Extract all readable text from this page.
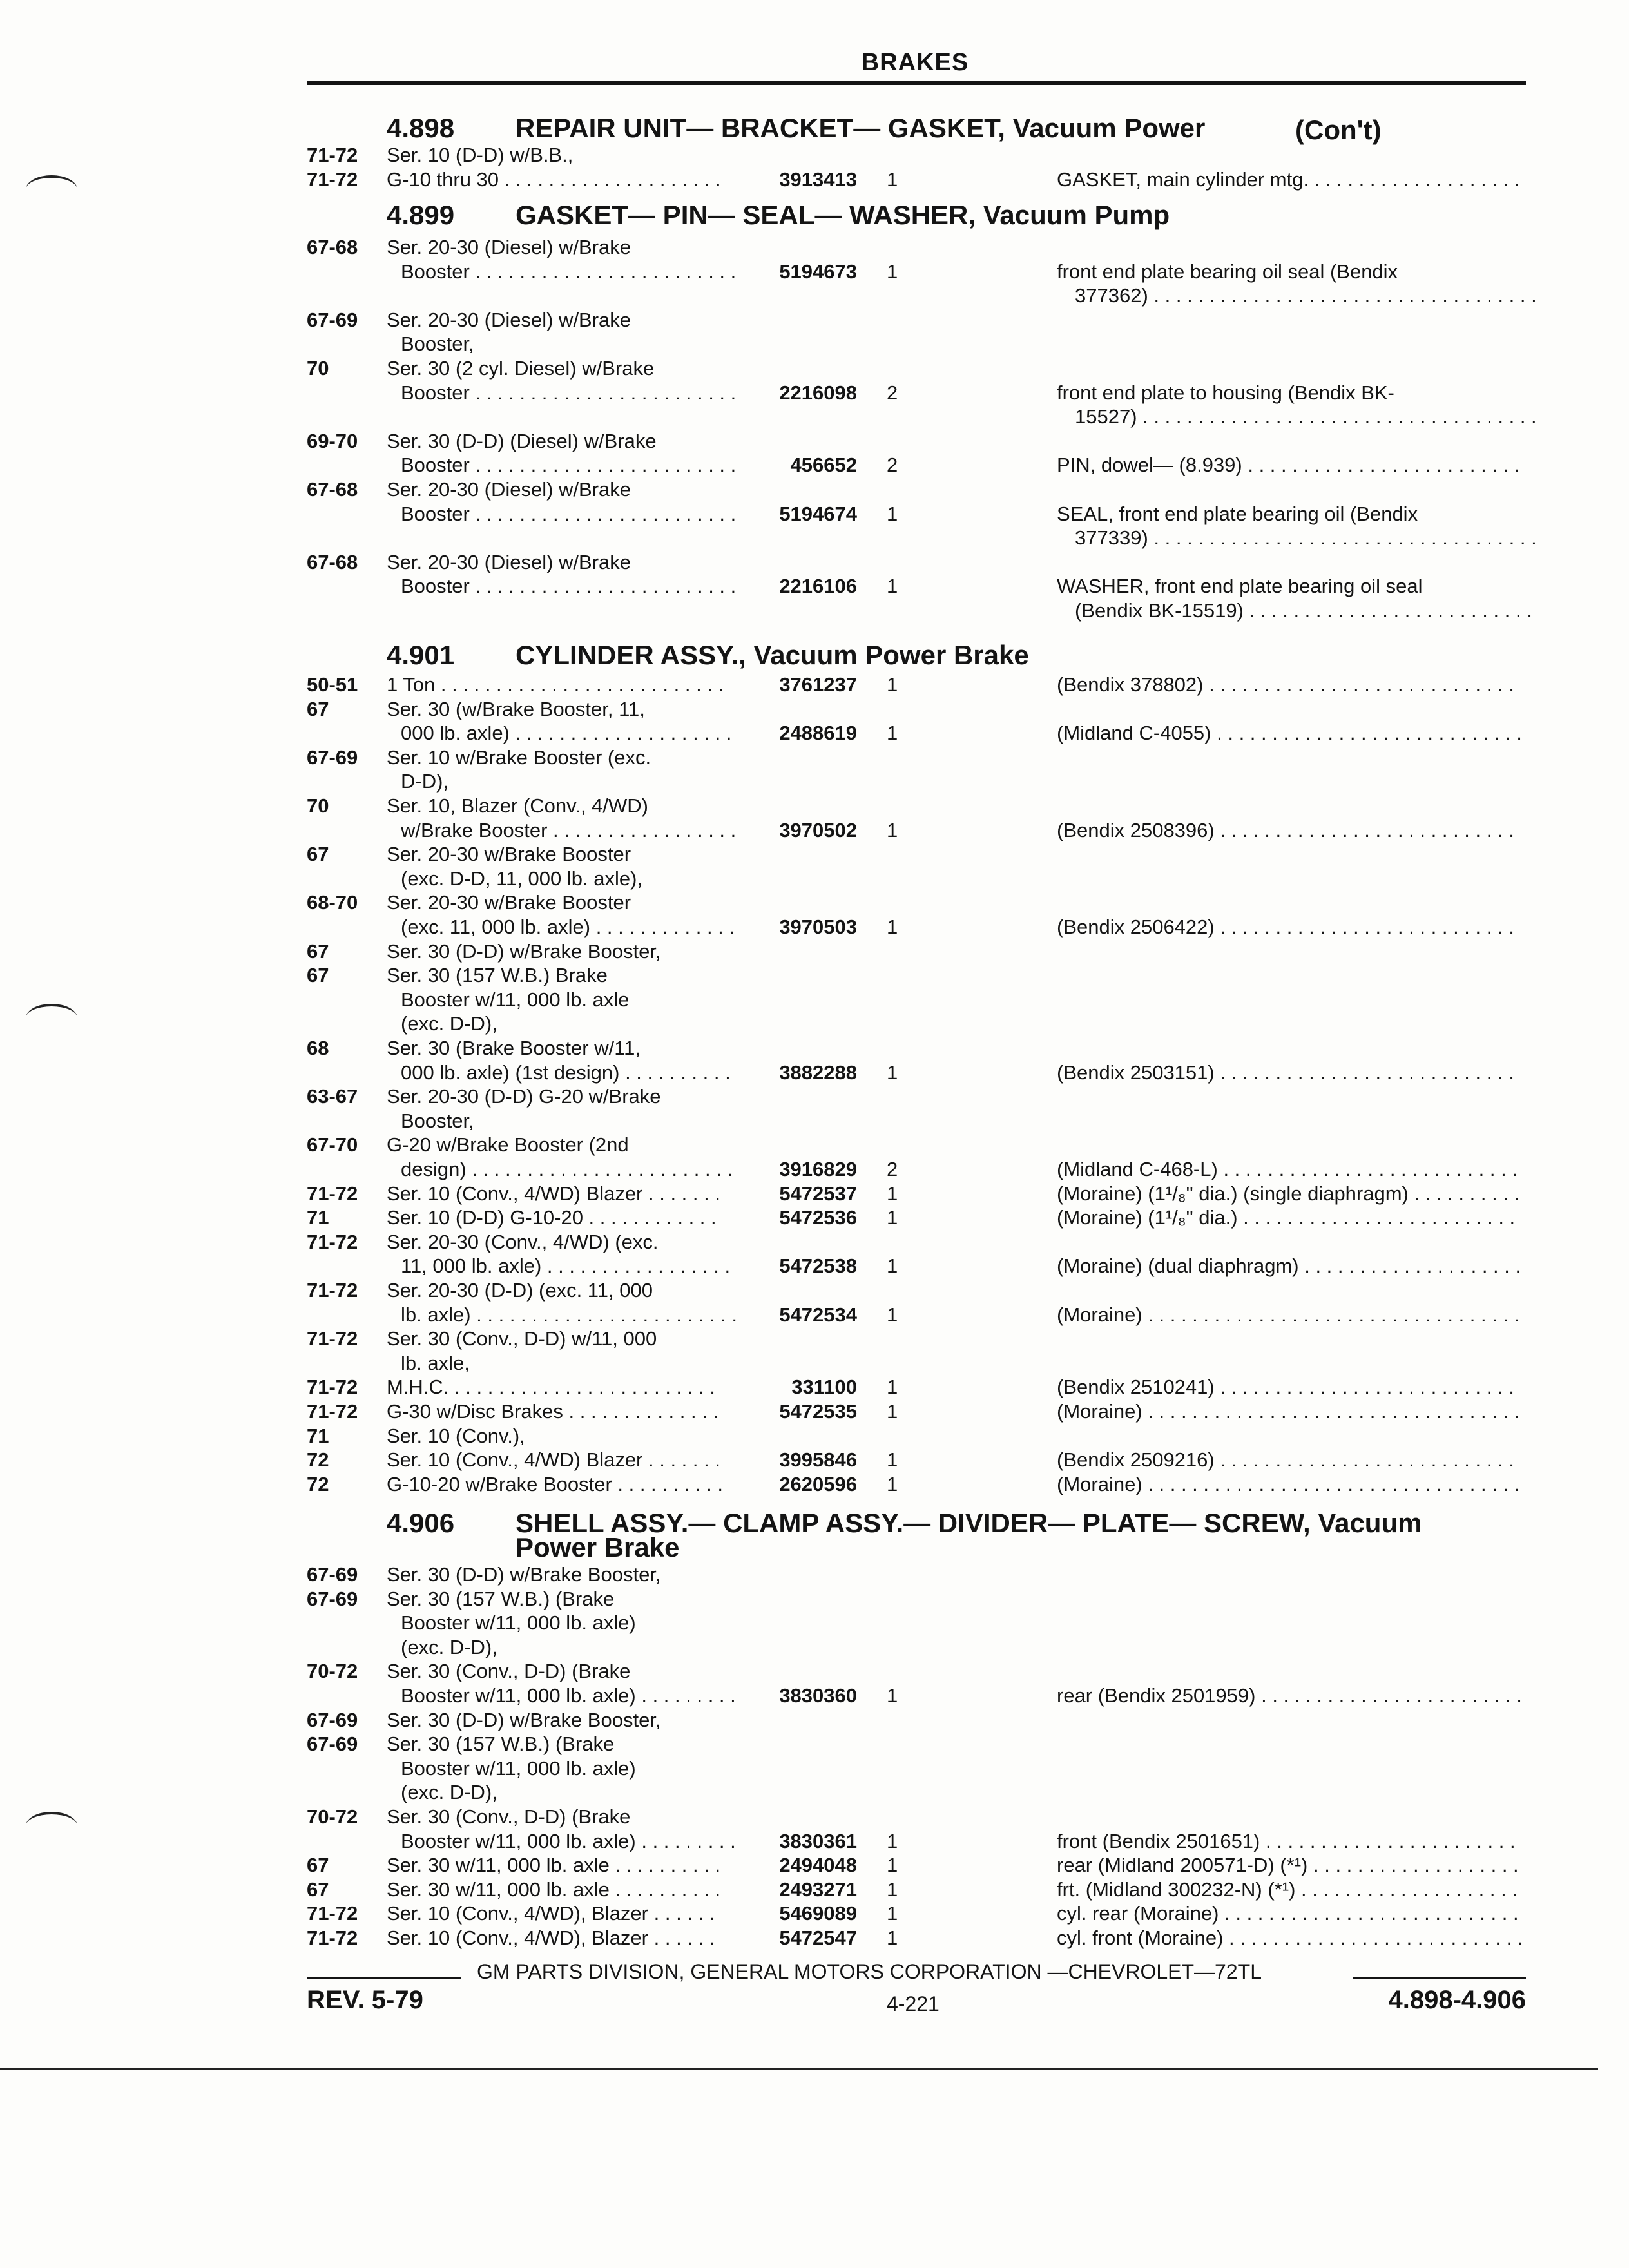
BRAKES
4.898 REPAIR UNIT— BRACKET— GASKET, Vacuum Power	(Con't)
71-72	Ser. 10 (D-D) w/B.B.,
71-72	G-10 thru 30 . . .	3913413 1	GASKET, main cylinder mtg. . . .
4.899 GASKET— PIN— SEAL— WASHER, Vacuum Pump
67-68	Ser. 20-30 (Diesel) w/Brake
Booster . . .	5194673 1	front end plate bearing oil seal (Bendix
377362) . . .
67-69	Ser. 20-30 (Diesel) w/Brake
Booster,
70	Ser. 30 (2 cyl. Diesel) w/Brake
Booster . . .	2216098 2	front end plate to housing (Bendix BK-
15527) . . .
69-70	Ser. 30 (D-D) (Diesel) w/Brake
Booster . . .	456652 2	PIN, dowel— (8.939) . . .
67-68	Ser. 20-30 (Diesel) w/Brake
Booster . . .	5194674 1	SEAL, front end plate bearing oil (Bendix
377339) . . .
67-68	Ser. 20-30 (Diesel) w/Brake
Booster . . .	2216106 1	WASHER, front end plate bearing oil seal
(Bendix BK-15519) . . .
4.901 CYLINDER ASSY., Vacuum Power Brake
50-51	1 Ton . . .	3761237 1	(Bendix 378802) . . .
67	Ser. 30 (w/Brake Booster, 11,
000 lb. axle) . . .	2488619 1	(Midland C-4055) . . .
67-69	Ser. 10 w/Brake Booster (exc.
D-D),
70	Ser. 10, Blazer (Conv., 4/WD)
w/Brake Booster . . .	3970502 1	(Bendix 2508396) . . .
67	Ser. 20-30 w/Brake Booster
(exc. D-D, 11, 000 lb. axle),
68-70	Ser. 20-30 w/Brake Booster
(exc. 11, 000 lb. axle) . . .	3970503 1	(Bendix 2506422) . . .
67	Ser. 30 (D-D) w/Brake Booster,
67	Ser. 30 (157 W.B.) Brake
Booster w/11, 000 lb. axle
(exc. D-D),
68	Ser. 30 (Brake Booster w/11,
000 lb. axle) (1st design) . . .	3882288 1	(Bendix 2503151) . . .
63-67	Ser. 20-30 (D-D) G-20 w/Brake
Booster,
67-70	G-20 w/Brake Booster (2nd
design) . . .	3916829 2	(Midland C-468-L) . . .
71-72	Ser. 10 (Conv., 4/WD) Blazer . . .	5472537 1	(Moraine) (1¹/₈" dia.) (single diaphragm) . . .
71	Ser. 10 (D-D) G-10-20 . . .	5472536 1	(Moraine) (1¹/₈" dia.) . . .
71-72	Ser. 20-30 (Conv., 4/WD) (exc.
11, 000 lb. axle) . . .	5472538 1	(Moraine) (dual diaphragm) . . .
71-72	Ser. 20-30 (D-D) (exc. 11, 000
lb. axle) . . .	5472534 1	(Moraine) . . .
71-72	Ser. 30 (Conv., D-D) w/11, 000
lb. axle,
71-72	M.H.C. . . .	331100 1	(Bendix 2510241) . . .
71-72	G-30 w/Disc Brakes . . .	5472535 1	(Moraine) . . .
71	Ser. 10 (Conv.),
72	Ser. 10 (Conv., 4/WD) Blazer . . .	3995846 1	(Bendix 2509216) . . .
72	G-10-20 w/Brake Booster . . .	2620596 1	(Moraine) . . .
4.906 SHELL ASSY.— CLAMP ASSY.— DIVIDER— PLATE— SCREW, Vacuum
Power Brake
67-69	Ser. 30 (D-D) w/Brake Booster,
67-69	Ser. 30 (157 W.B.) (Brake
Booster w/11, 000 lb. axle)
(exc. D-D),
70-72	Ser. 30 (Conv., D-D) (Brake
Booster w/11, 000 lb. axle) . . .	3830360 1	rear (Bendix 2501959) . . .
67-69	Ser. 30 (D-D) w/Brake Booster,
67-69	Ser. 30 (157 W.B.) (Brake
Booster w/11, 000 lb. axle)
(exc. D-D),
70-72	Ser. 30 (Conv., D-D) (Brake
Booster w/11, 000 lb. axle) . . .	3830361 1	front (Bendix 2501651) . . .
67	Ser. 30 w/11, 000 lb. axle . . .	2494048 1	rear (Midland 200571-D) (*¹) . . .
67	Ser. 30 w/11, 000 lb. axle . . .	2493271 1	frt. (Midland 300232-N) (*¹) . . .
71-72	Ser. 10 (Conv., 4/WD), Blazer . . .	5469089 1	cyl. rear (Moraine) . . .
71-72	Ser. 10 (Conv., 4/WD), Blazer . . .	5472547 1	cyl. front (Moraine) . . .
GM PARTS DIVISION, GENERAL MOTORS CORPORATION —CHEVROLET—72TL
REV. 5-79	4-221	4.898-4.906
